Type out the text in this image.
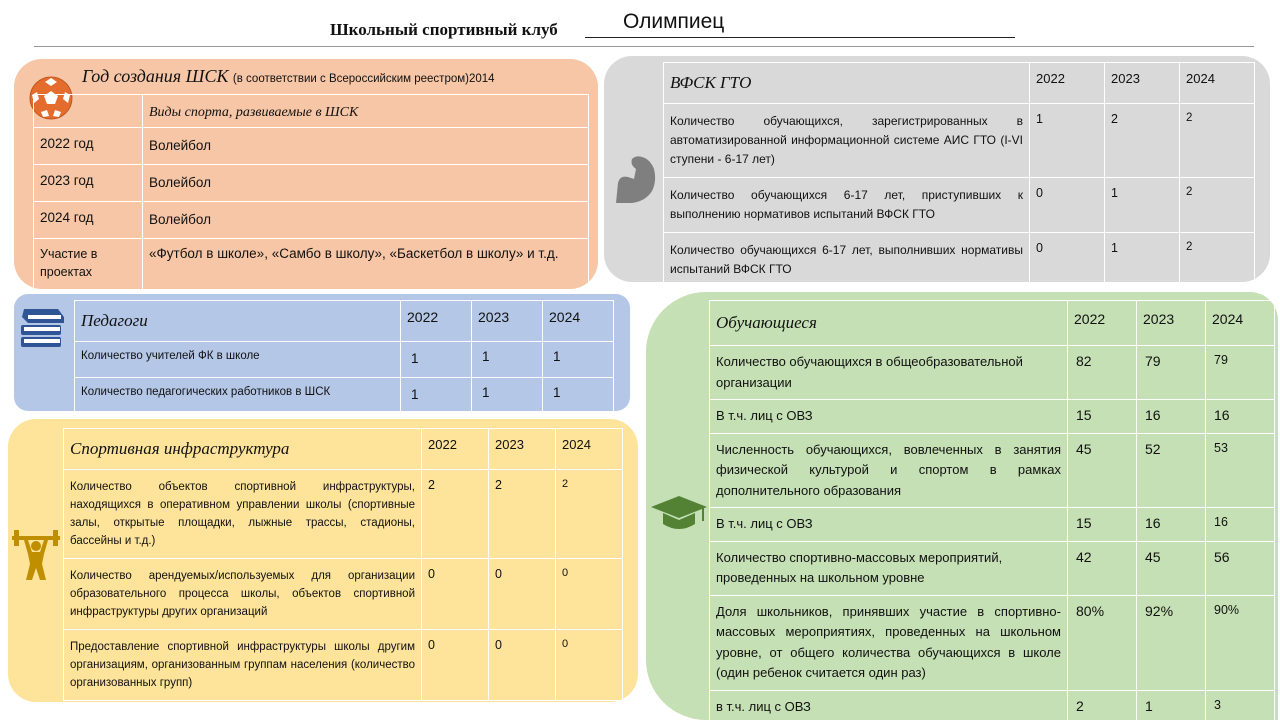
Школьный спортивный клуб	Олимпиец
Год создания ШСК (в соответствии с Всероссийским реестром)2014
	Виды спорта, развиваемые в ШСК
2022 год	Волейбол
2023 год	Волейбол
2024 год	Волейбол
Участие в проектах	«Футбол в школе», «Самбо в школу», «Баскетбол в школу» и т.д.
ВФСК ГТО	2022	2023	2024
Количество обучающихся, зарегистрированных в автоматизированной информационной системе АИС ГТО (I-VI ступени - 6-17 лет)	1	2	2
Количество обучающихся 6-17 лет, приступивших к выполнению нормативов испытаний ВФСК ГТО	0	1	2
Количество обучающихся 6-17 лет, выполнивших нормативы испытаний ВФСК ГТО	0	1	2
Педагоги	2022	2023	2024
Количество учителей ФК в школе	1	1	1
Количество педагогических работников в ШСК	1	1	1
Спортивная инфраструктура	2022	2023	2024
Количество объектов спортивной инфраструктуры, находящихся в оперативном управлении школы (спортивные залы, открытые площадки, лыжные трассы, стадионы, бассейны и т.д.)	2	2	2
Количество арендуемых/используемых для организации образовательного процесса школы, объектов спортивной инфраструктуры других организаций	0	0	0
Предоставление спортивной инфраструктуры школы другим организациям, организованным группам населения (количество организованных групп)	0	0	0
Обучающиеся	2022	2023	2024
Количество обучающихся в общеобразовательной организации	82	79	79
В т.ч. лиц с ОВЗ	15	16	16
Численность обучающихся, вовлеченных в занятия физической культурой и спортом в рамках дополнительного образования	45	52	53
В т.ч. лиц с ОВЗ	15	16	16
Количество спортивно-массовых мероприятий, проведенных на школьном уровне	42	45	56
Доля школьников, принявших участие в спортивно-массовых мероприятиях, проведенных на школьном уровне, от общего количества обучающихся в школе (один ребенок считается один раз)	80%	92%	90%
в т.ч. лиц с ОВЗ	2	1	3
